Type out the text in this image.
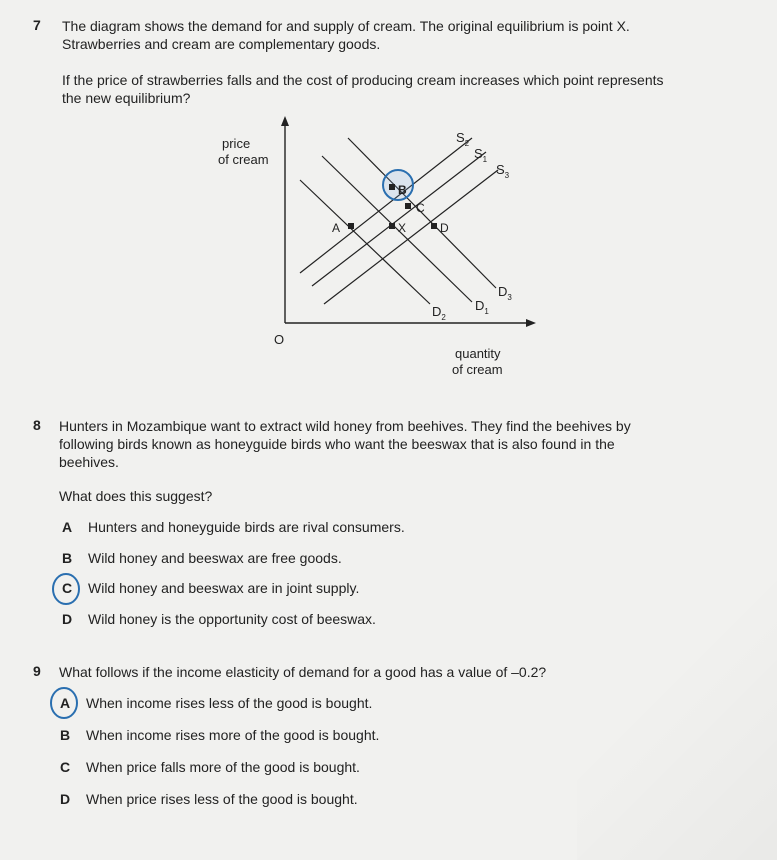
7 The diagram shows the demand for and supply of cream. The original equilibrium is point X.
Strawberries and cream are complementary goods.
If the price of strawberries falls and the cost of producing cream increases which point represents
the new equilibrium?
A
B
C
X	D
$S_2$
$S_1$
$S_3$
$D_3$
$D_2$
$D_1$
price
of cream
O
quantity
of cream
8 Hunters in Mozambique want to extract wild honey from beehives. They find the beehives by
following birds known as honeyguide birds who want the beeswax that is also found in the
beehives.
What does this suggest?
A Hunters and honeyguide birds are rival consumers.
B Wild honey and beeswax are free goods.
C Wild honey and beeswax are in joint supply.
D Wild honey is the opportunity cost of beeswax.
9 What follows if the income elasticity of demand for a good has a value of –0.2?
A When income rises less of the good is bought.
B When income rises more of the good is bought.
C When price falls more of the good is bought.
D When price rises less of the good is bought.
